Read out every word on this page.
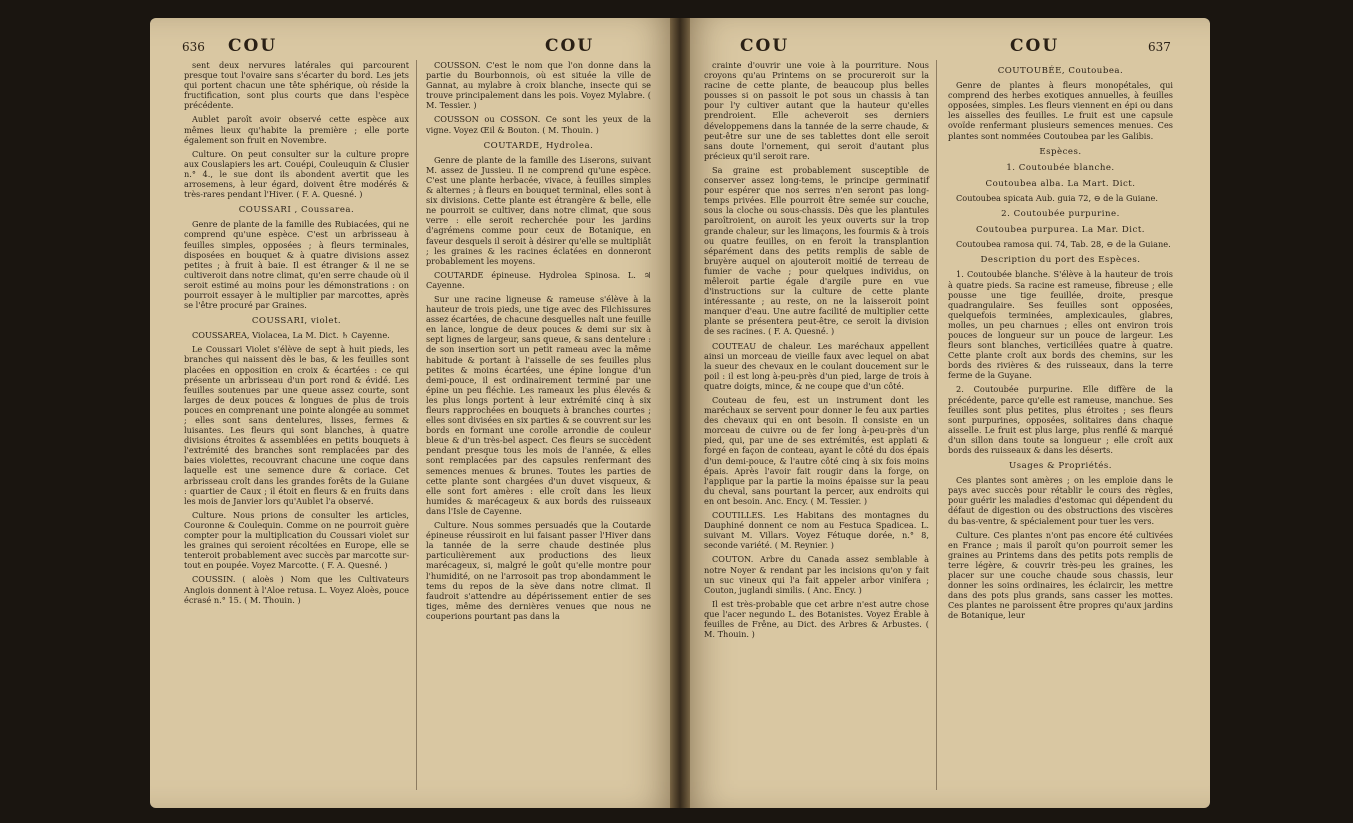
636 COU	COU

sent deux nervures latérales qui parcourent presque tout l'ovaire sans s'écarter du bord. Les jets qui portent chacun une tête sphérique, où réside la fructification, sont plus courts que dans l'espèce précédente.

Aublet paroît avoir observé cette espèce aux mêmes lieux qu'habite la première ; elle porte également son fruit en Novembre.

Culture. On peut consulter sur la culture propre aux Couslapiers les art. Couépi, Couleuquin & Clusier n.° 4., le sue dont ils abondent avertit que les arrosemens, à leur égard, doivent être modérés & très-rares pendant l'Hiver. ( F. A. Quesné. )

COUSSARI , Coussarea.

Genre de plante de la famille des Rubiacées, qui ne comprend qu'une espèce. C'est un arbrisseau à feuilles simples, opposées ; à fleurs terminales, disposées en bouquet & à quatre divisions assez petites ; à fruit à baie. Il est étranger & il ne se cultiveroit dans notre climat, qu'en serre chaude où il seroit estimé au moins pour les démonstrations : on pourroit essayer à le multiplier par marcottes, après se l'être procuré par Graines.

COUSSARI, violet.

COUSSAREA, Violacea, La M. Dict. ♄ Cayenne.

Le Coussari Violet s'élève de sept à huit pieds, les branches qui naissent dès le bas, & les feuilles sont placées en opposition en croix & écartées : ce qui présente un arbrisseau d'un port rond & évidé. Les feuilles soutenues par une queue assez courte, sont larges de deux pouces & longues de plus de trois pouces en comprenant une pointe alongée au sommet ; elles sont sans dentelures, lisses, fermes & luisantes. Les fleurs qui sont blanches, à quatre divisions étroites & assemblées en petits bouquets à l'extrémité des branches sont remplacées par des baies violettes, recouvrant chacune une coque dans laquelle est une semence dure & coriace. Cet arbrisseau croît dans les grandes forêts de la Guiane : quartier de Caux ; il étoit en fleurs & en fruits dans les mois de Janvier lors qu'Aublet l'a observé.

Culture. Nous prions de consulter les articles, Couronne & Coulequin. Comme on ne pourroit guère compter pour la multiplication du Coussari violet sur les graines qui seroient récoltées en Europe, elle se tenteroit probablement avec succès par marcotte sur-tout en poupée. Voyez Marcotte. ( F. A. Quesné. )

COUSSIN. ( aloès ) Nom que les Cultivateurs Anglois donnent à l'Aloe retusa. L. Voyez Aloès, pouce écrasé n.° 15. ( M. Thouin. )

COUSSON. C'est le nom que l'on donne dans la partie du Bourbonnois, où est située la ville de Gannat, au mylabre à croix blanche, insecte qui se trouve principalement dans les pois. Voyez Mylabre. ( M. Tessier. )

COUSSON ou COSSON. Ce sont les yeux de la vigne. Voyez Œil & Bouton. ( M. Thouin. )

COUTARDE, Hydrolea.

Genre de plante de la famille des Liserons, suivant M. assez de Jussieu. Il ne comprend qu'une espèce. C'est une plante herbacée, vivace, à feuilles simples & alternes ; à fleurs en bouquet terminal, elles sont à six divisions. Cette plante est étrangère & belle, elle ne pourroit se cultiver, dans notre climat, que sous verre : elle seroit recherchée pour les jardins d'agrémens comme pour ceux de Botanique, en faveur desquels il seroit à désirer qu'elle se multipliât ; les graines & les racines éclatées en donneront probablement les moyens.

COUTARDE épineuse. Hydrolea Spinosa. L. ♃ Cayenne.

Sur une racine ligneuse & rameuse s'élève à la hauteur de trois pieds, une tige avec des Filchissures assez écartées, de chacune desquelles naît une feuille en lance, longue de deux pouces & demi sur six à sept lignes de largeur, sans queue, & sans dentelure : de son insertion sort un petit rameau avec la même habitude & portant à l'aisselle de ses feuilles plus petites & moins écartées, une épine longue d'un demi-pouce, il est ordinairement terminé par une épine un peu fléchie. Les rameaux les plus élevés & les plus longs portent à leur extrémité cinq à six fleurs rapprochées en bouquets à branches courtes ; elles sont divisées en six parties & se couvrent sur les bords en formant une corolle arrondie de couleur bleue & d'un très-bel aspect. Ces fleurs se succèdent pendant presque tous les mois de l'année, & elles sont remplacées par des capsules renfermant des semences menues & brunes. Toutes les parties de cette plante sont chargées d'un duvet visqueux, & elle sont fort amères : elle croît dans les lieux humides & marécageux & aux bords des ruisseaux dans l'Isle de Cayenne.

Culture. Nous sommes persuadés que la Coutarde épineuse réussiroit en lui faisant passer l'Hiver dans la tannée de la serre chaude destinée plus particulièrement aux productions des lieux marécageux, si, malgré le goût qu'elle montre pour l'humidité, on ne l'arrosoit pas trop abondamment le tems du repos de la sève dans notre climat. Il faudroit s'attendre au dépérissement entier de ses tiges, même des dernières venues que nous ne couperions pourtant pas dans la

COU	COU	637

crainte d'ouvrir une voie à la pourriture. Nous croyons qu'au Printems on se procureroit sur la racine de cette plante, de beaucoup plus belles pousses si on passoit le pot sous un chassis à tan pour l'y cultiver autant que la hauteur qu'elles prendroient. Elle acheveroit ses derniers développemens dans la tannée de la serre chaude, & peut-être sur une de ses tablettes dont elle seroit sans doute l'ornement, qui seroit d'autant plus précieux qu'il seroit rare.

Sa graine est probablement susceptible de conserver assez long-tems, le principe germinatif pour espérer que nos serres n'en seront pas long-temps privées. Elle pourroit être semée sur couche, sous la cloche ou sous-chassis. Dès que les plantules paroîtroient, on auroit les yeux ouverts sur la trop grande chaleur, sur les limaçons, les fourmis & à trois ou quatre feuilles, on en feroit la transplantion séparément dans des petits remplis de sable de bruyère auquel on ajouteroit moitié de terreau de fumier de vache ; pour quelques individus, on mêleroit partie égale d'argile pure en vue d'instructions sur la culture de cette plante intéressante ; au reste, on ne la laisseroit point manquer d'eau. Une autre facilité de multiplier cette plante se présentera peut-être, ce seroit la division de ses racines. ( F. A. Quesné. )

COUTEAU de chaleur. Les maréchaux appellent ainsi un morceau de vieille faux avec lequel on abat la sueur des chevaux en le coulant doucement sur le poil : il est long à-peu-près d'un pied, large de trois à quatre doigts, mince, & ne coupe que d'un côté.

Couteau de feu, est un instrument dont les maréchaux se servent pour donner le feu aux parties des chevaux qui en ont besoin. Il consiste en un morceau de cuivre ou de fer long à-peu-près d'un pied, qui, par une de ses extrémités, est applati & forgé en façon de conteau, ayant le côté du dos épais d'un demi-pouce, & l'autre côté cinq à six fois moins épais. Après l'avoir fait rougir dans la forge, on l'applique par la partie la moins épaisse sur la peau du cheval, sans pourtant la percer, aux endroits qui en ont besoin. Anc. Ency. ( M. Tessier. )

COUTILLES. Les Habitans des montagnes du Dauphiné donnent ce nom au Festuca Spadicea. L. suivant M. Villars. Voyez Fétuque dorée, n.° 8, seconde variété. ( M. Reynier. )

COUTON. Arbre du Canada assez semblable à notre Noyer & rendant par les incisions qu'on y fait un suc vineux qui l'a fait appeler arbor vinifera ; Couton, juglandi similis. ( Anc. Ency. )

Il est très-probable que cet arbre n'est autre chose que l'acer negundo L. des Botanistes. Voyez Érable à feuilles de Frêne, au Dict. des Arbres & Arbustes. ( M. Thouin. )

COUTOUBÉE, Coutoubea.

Genre de plantes à fleurs monopétales, qui comprend des herbes exotiques annuelles, à feuilles opposées, simples. Les fleurs viennent en épi ou dans les aisselles des feuilles. Le fruit est une capsule ovoïde renfermant plusieurs semences menues. Ces plantes sont nommées Coutoubea par les Galibis.

Espèces.
1. Coutoubée blanche.
Coutoubea alba. La Mart. Dict.

Coutoubea spicata Aub. guia 72, ⊖ de la Guiane.

2. Coutoubée purpurine.
Coutoubea purpurea. La Mar. Dict.

Coutoubea ramosa qui. 74, Tab. 28, ⊖ de la Guiane.

Description du port des Espèces.

1. Coutoubée blanche. S'élève à la hauteur de trois à quatre pieds. Sa racine est rameuse, fibreuse ; elle pousse une tige feuillée, droite, presque quadrangulaire. Ses feuilles sont opposées, quelquefois terminées, amplexicaules, glabres, molles, un peu charnues ; elles ont environ trois pouces de longueur sur un pouce de largeur. Les fleurs sont blanches, verticillées quatre à quatre. Cette plante croît aux bords des chemins, sur les bords des rivières & des ruisseaux, dans la terre ferme de la Guyane.

2. Coutoubée purpurine. Elle diffère de la précédente, parce qu'elle est rameuse, manchue. Ses feuilles sont plus petites, plus étroites ; ses fleurs sont purpurines, opposées, solitaires dans chaque aisselle. Le fruit est plus large, plus renflé & marqué d'un sillon dans toute sa longueur ; elle croît aux bords des ruisseaux & dans les déserts.

Usages & Propriétés.

Ces plantes sont amères ; on les emploie dans le pays avec succès pour rétablir le cours des règles, pour guérir les maladies d'estomac qui dépendent du défaut de digestion ou des obstructions des viscères du bas-ventre, & spécialement pour tuer les vers.

Culture. Ces plantes n'ont pas encore été cultivées en France ; mais il paroît qu'on pourroit semer les graines au Printems dans des petits pots remplis de terre légère, & couvrir très-peu les graines, les placer sur une couche chaude sous chassis, leur donner les soins ordinaires, les éclaircir, les mettre dans des pots plus grands, sans casser les mottes. Ces plantes ne paroissent être propres qu'aux jardins de Botanique, leur
